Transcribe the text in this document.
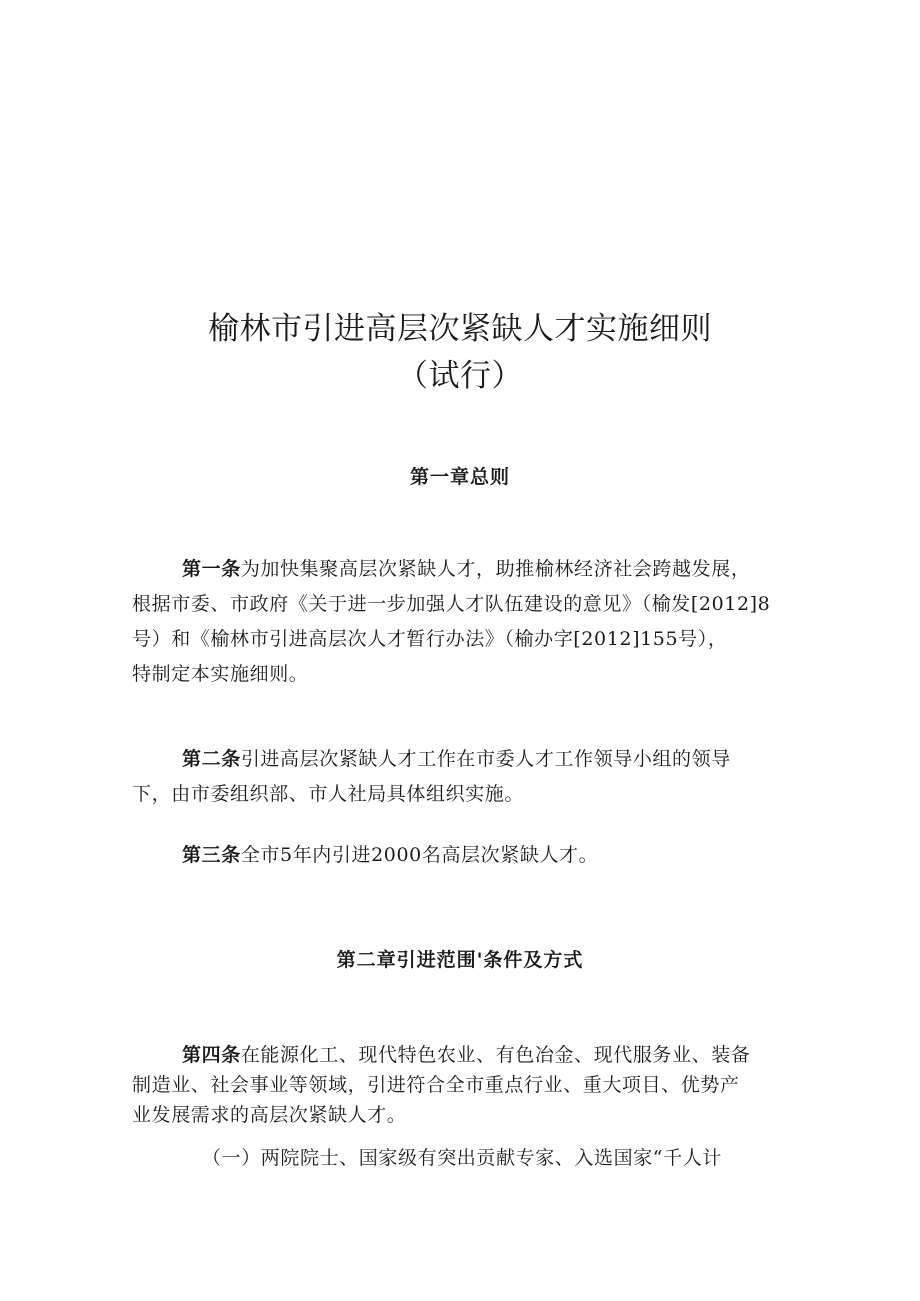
榆林市引进高层次紧缺人才实施细则
（试行）
第一章总则
第一条为加快集聚高层次紧缺人才，助推榆林经济社会跨越发展，
根据市委、市政府《关于进一步加强人才队伍建设的意见》（榆发[2012]8
号）和《榆林市引进高层次人才暂行办法》（榆办字[2012]155号），
特制定本实施细则。
第二条引进高层次紧缺人才工作在市委人才工作领导小组的领导
下，由市委组织部、市人社局具体组织实施。
第三条全市5年内引进2000名高层次紧缺人才。
第二章引进范围'条件及方式
第四条在能源化工、现代特色农业、有色冶金、现代服务业、装备
制造业、社会事业等领域，引进符合全市重点行业、重大项目、优势产
业发展需求的高层次紧缺人才。
（一）两院院士、国家级有突出贡献专家、入选国家“千人计
